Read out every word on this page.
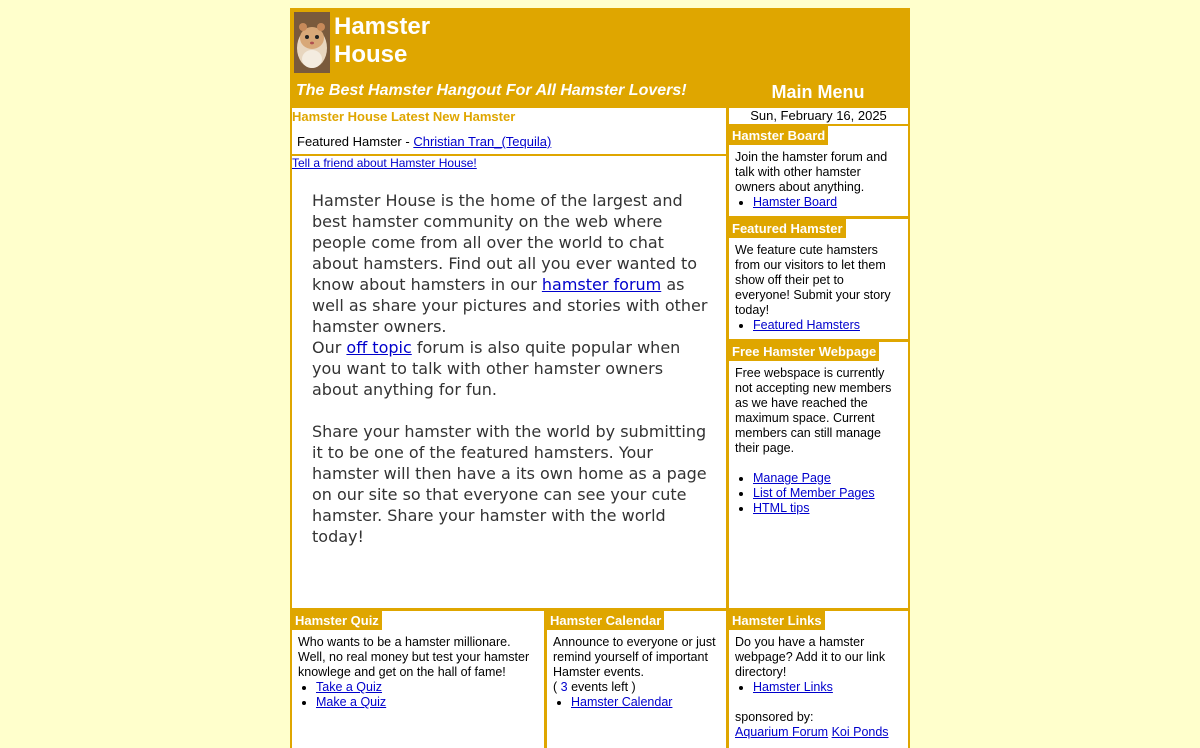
Hamster
House
The Best Hamster Hangout For All Hamster Lovers!	Main Menu
Hamster House Latest New Hamster
Featured Hamster - Christian Tran_(Tequila)
Tell a friend about Hamster House!

Hamster House is the home of the largest and best hamster community on the web where people come from all over the world to chat about hamsters. Find out all you ever wanted to know about hamsters in our hamster forum as well as share your pictures and stories with other hamster owners.

Our off topic forum is also quite popular when you want to talk with other hamster owners about anything for fun.

Share your hamster with the world by submitting it to be one of the featured hamsters. Your hamster will then have a its own home as a page on our site so that everyone can see your cute hamster. Share your hamster with the world today!

Sun, February 16, 2025
Hamster Board

Join the hamster forum and talk with other hamster owners about anything.

• Hamster Board
Featured Hamster

We feature cute hamsters from our visitors to let them show off their pet to everyone! Submit your story today!

• Featured Hamsters
Free Hamster Webpage

Free webspace is currently not accepting new members as we have reached the maximum space. Current members can still manage their page.

• Manage Page
• List of Member Pages
• HTML tips
Hamster Quiz

Who wants to be a hamster millionare. Well, no real money but test your hamster knowlege and get on the hall of fame!

• Take a Quiz
• Make a Quiz
Hamster Calendar

Announce to everyone or just remind yourself of important Hamster events.

( 3 events left )

• Hamster Calendar
Hamster Links

Do you have a hamster webpage? Add it to our link directory!

• Hamster Links

sponsored by:

Aquarium Forum Koi Ponds
